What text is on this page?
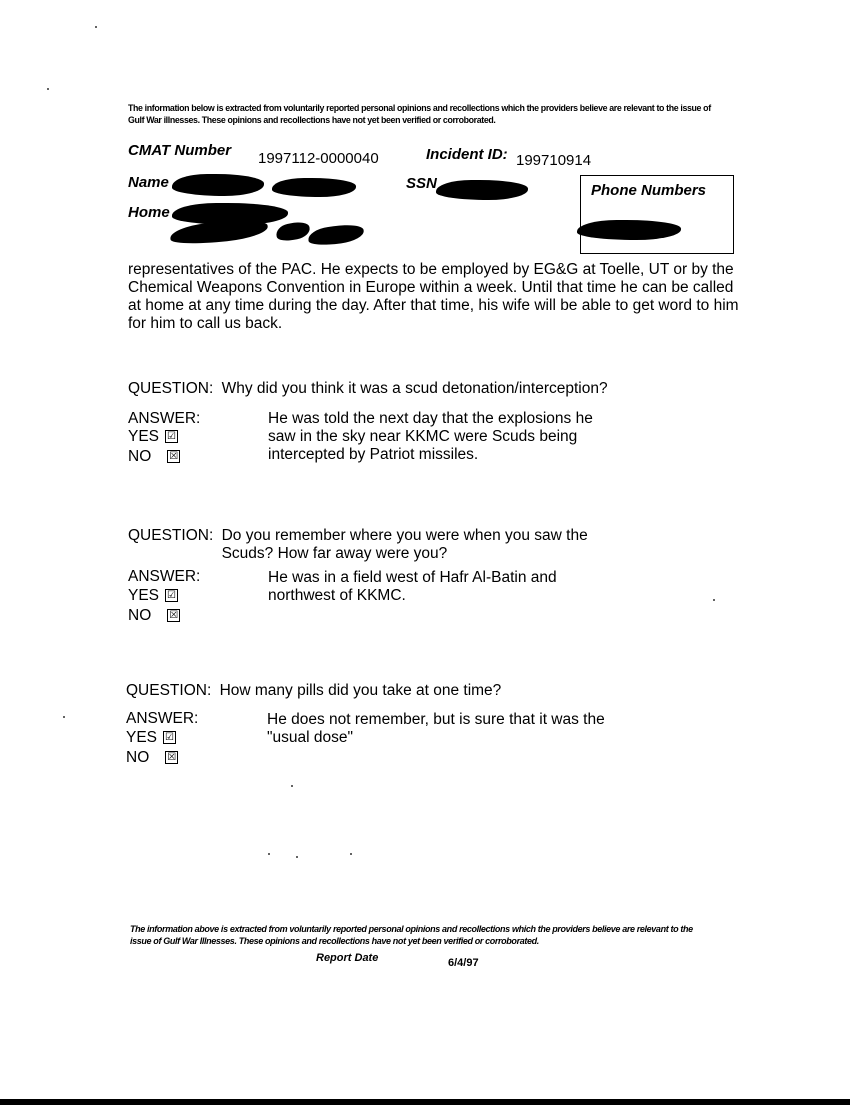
The information below is extracted from voluntarily reported personal opinions and recollections which the providers believe are relevant to the issue of Gulf War illnesses. These opinions and recollections have not yet been verified or corroborated.
CMAT Number 1997112-0000040	Incident ID: 199710914
Name	SSN
Home
Phone Numbers
representatives of the PAC. He expects to be employed by EG&G at Toelle, UT or by the
Chemical Weapons Convention in Europe within a week. Until that time he can be called
at home at any time during the day. After that time, his wife will be able to get word to him
for him to call us back.
QUESTION: Why did you think it was a scud detonation/interception?
ANSWER:
YES ☑
NO ☒
He was told the next day that the explosions he
saw in the sky near KKMC were Scuds being
intercepted by Patriot missiles.
QUESTION: Do you remember where you were when you saw the
Scuds? How far away were you?
ANSWER:
YES ☑
NO ☒
He was in a field west of Hafr Al-Batin and
northwest of KKMC.
QUESTION: How many pills did you take at one time?
ANSWER:
YES ☑
NO ☒
He does not remember, but is sure that it was the
"usual dose"
The information above is extracted from voluntarily reported personal opinions and recollections which the providers believe are relevant to the issue of Gulf War Illnesses. These opinions and recollections have not yet been verified or corroborated.
Report Date	6/4/97
